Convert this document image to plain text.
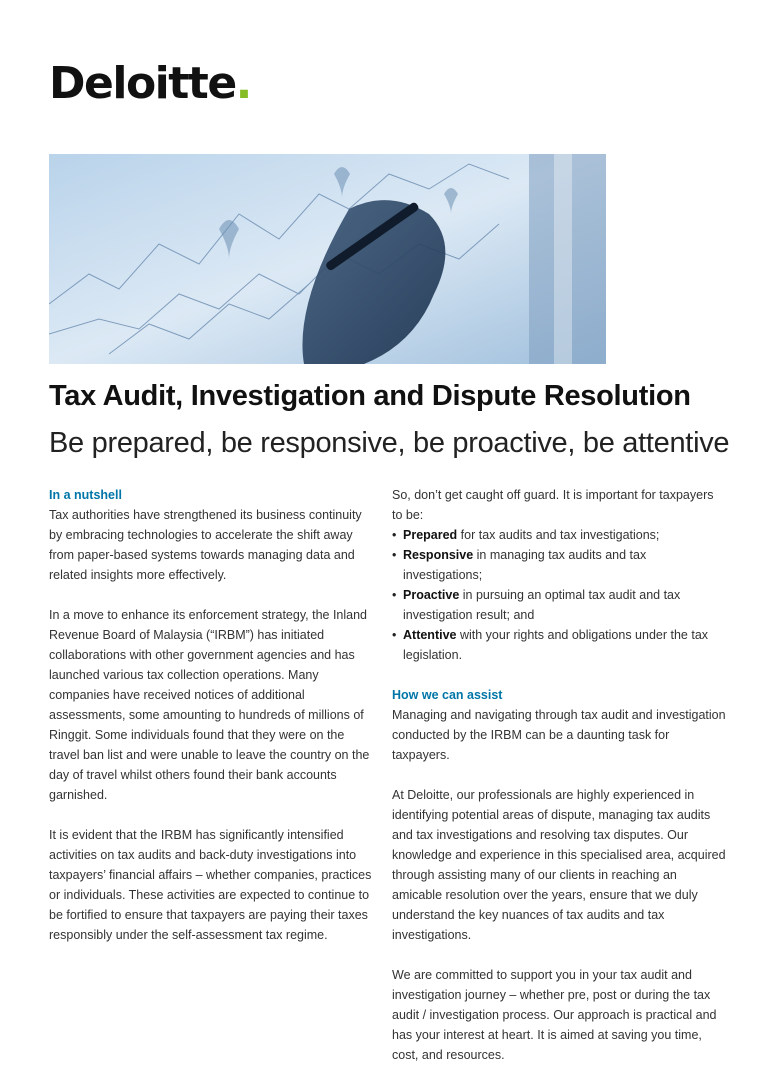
Deloitte.
Tax Audit, Investigation and Dispute Resolution
Be prepared, be responsive, be proactive, be attentive

In a nutshell

Tax authorities have strengthened its business continuity by embracing technologies to accelerate the shift away from paper-based systems towards managing data and related insights more effectively.

In a move to enhance its enforcement strategy, the Inland Revenue Board of Malaysia (“IRBM”) has initiated collaborations with other government agencies and has launched various tax collection operations. Many companies have received notices of additional assessments, some amounting to hundreds of millions of Ringgit. Some individuals found that they were on the travel ban list and were unable to leave the country on the day of travel whilst others found their bank accounts garnished.

It is evident that the IRBM has significantly intensified activities on tax audits and back-duty investigations into taxpayers’ financial affairs – whether companies, practices or individuals. These activities are expected to continue to be fortified to ensure that taxpayers are paying their taxes responsibly under the self-assessment tax regime.

So, don’t get caught off guard. It is important for taxpayers to be:

• Prepared for tax audits and tax investigations;
• Responsive in managing tax audits and tax investigations;
• Proactive in pursuing an optimal tax audit and tax investigation result; and
• Attentive with your rights and obligations under the tax legislation.

How we can assist

Managing and navigating through tax audit and investigation conducted by the IRBM can be a daunting task for taxpayers.

At Deloitte, our professionals are highly experienced in identifying potential areas of dispute, managing tax audits and tax investigations and resolving tax disputes. Our knowledge and experience in this specialised area, acquired through assisting many of our clients in reaching an amicable resolution over the years, ensure that we duly understand the key nuances of tax audits and tax investigations.

We are committed to support you in your tax audit and investigation journey – whether pre, post or during the tax audit / investigation process. Our approach is practical and has your interest at heart. It is aimed at saving you time, cost, and resources.
